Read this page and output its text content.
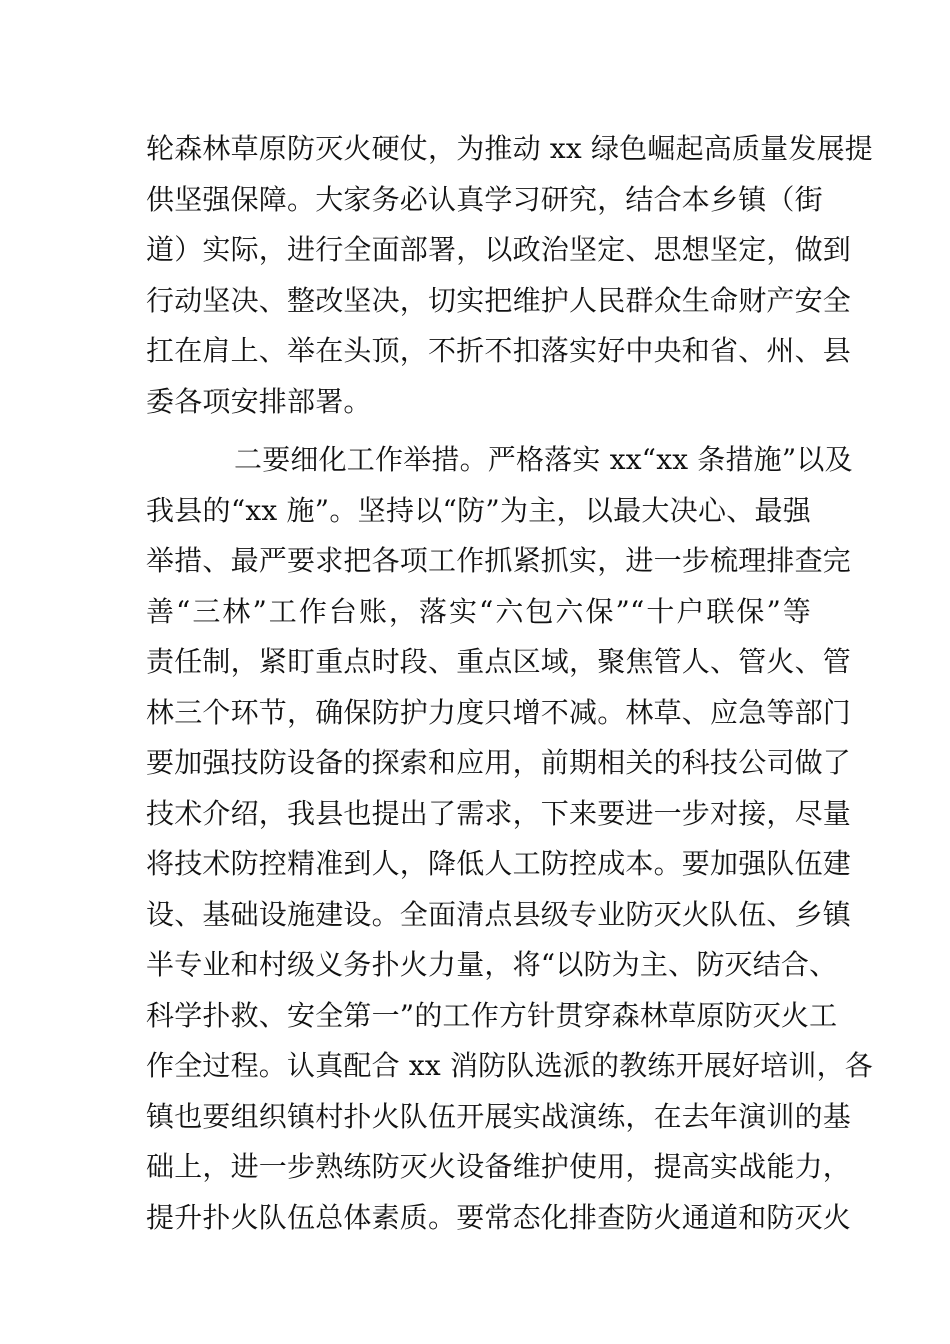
轮森林草原防灭火硬仗，为推动 xx 绿色崛起高质量发展提
供坚强保障。大家务必认真学习研究，结合本乡镇（街
道）实际，进行全面部署，以政治坚定、思想坚定，做到
行动坚决、整改坚决，切实把维护人民群众生命财产安全
扛在肩上、举在头顶，不折不扣落实好中央和省、州、县
委各项安排部署。
二要细化工作举措。严格落实 xx“xx 条措施”以及
我县的“xx 施”。坚持以“防”为主，以最大决心、最强
举措、最严要求把各项工作抓紧抓实，进一步梳理排查完
善“三林”工作台账，落实“六包六保”“十户联保”等
责任制，紧盯重点时段、重点区域，聚焦管人、管火、管
林三个环节，确保防护力度只增不减。林草、应急等部门
要加强技防设备的探索和应用，前期相关的科技公司做了
技术介绍，我县也提出了需求，下来要进一步对接，尽量
将技术防控精准到人，降低人工防控成本。要加强队伍建
设、基础设施建设。全面清点县级专业防灭火队伍、乡镇
半专业和村级义务扑火力量，将“以防为主、防灭结合、
科学扑救、安全第一”的工作方针贯穿森林草原防灭火工
作全过程。认真配合 xx 消防队选派的教练开展好培训，各
镇也要组织镇村扑火队伍开展实战演练，在去年演训的基
础上，进一步熟练防灭火设备维护使用，提高实战能力，
提升扑火队伍总体素质。要常态化排查防火通道和防灭火
